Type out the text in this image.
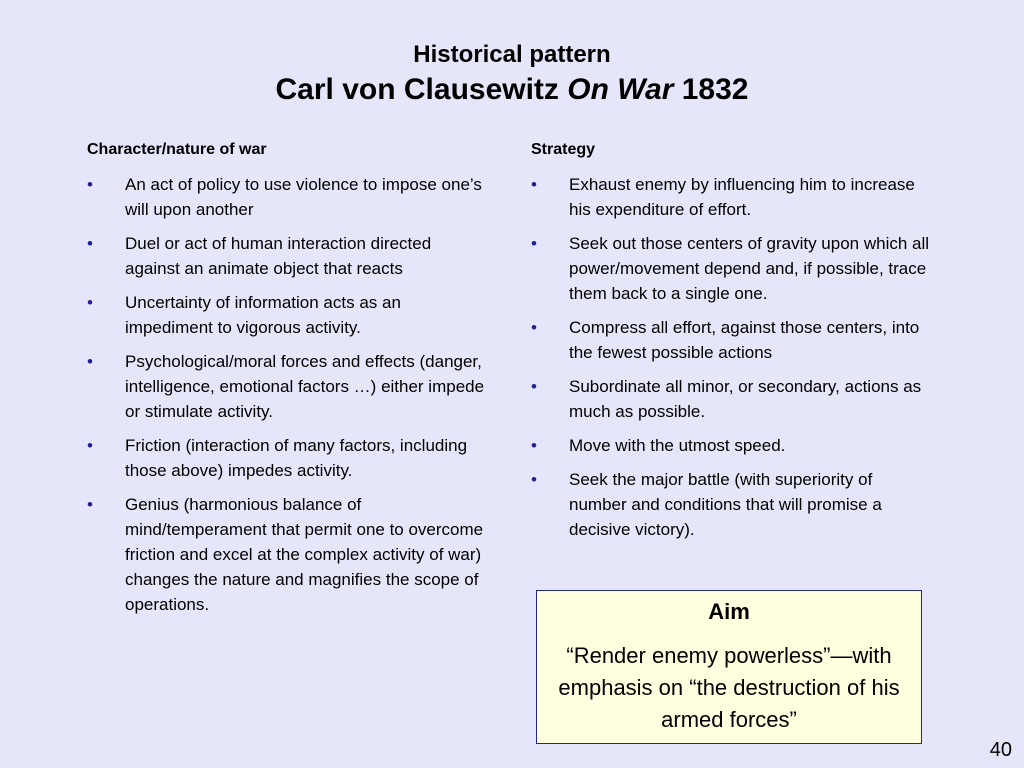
Historical pattern
Carl von Clausewitz On War 1832
Character/nature of war
•	An act of policy to use violence to impose one’s will upon another
•	Duel or act of human interaction directed against an animate object that reacts
•	Uncertainty of information acts as an impediment to vigorous activity.
•	Psychological/moral forces and effects (danger, intelligence, emotional factors …) either impede or stimulate activity.
•	Friction (interaction of many factors, including those above) impedes activity.
•	Genius (harmonious balance of mind/temperament that permit one to overcome friction and excel at the complex activity of war) changes the nature and magnifies the scope of operations.
Strategy
•	Exhaust enemy by influencing him to increase his expenditure of effort.
•	Seek out those centers of gravity upon which all power/movement depend and, if possible, trace them back to a single one.
•	Compress all effort, against those centers, into the fewest possible actions
•	Subordinate all minor, or secondary, actions as much as possible.
•	Move with the utmost speed.
•	Seek the major battle (with superiority of number and conditions that will promise a decisive victory).
Aim
“Render enemy powerless”—with emphasis on “the destruction of his armed forces”
40
